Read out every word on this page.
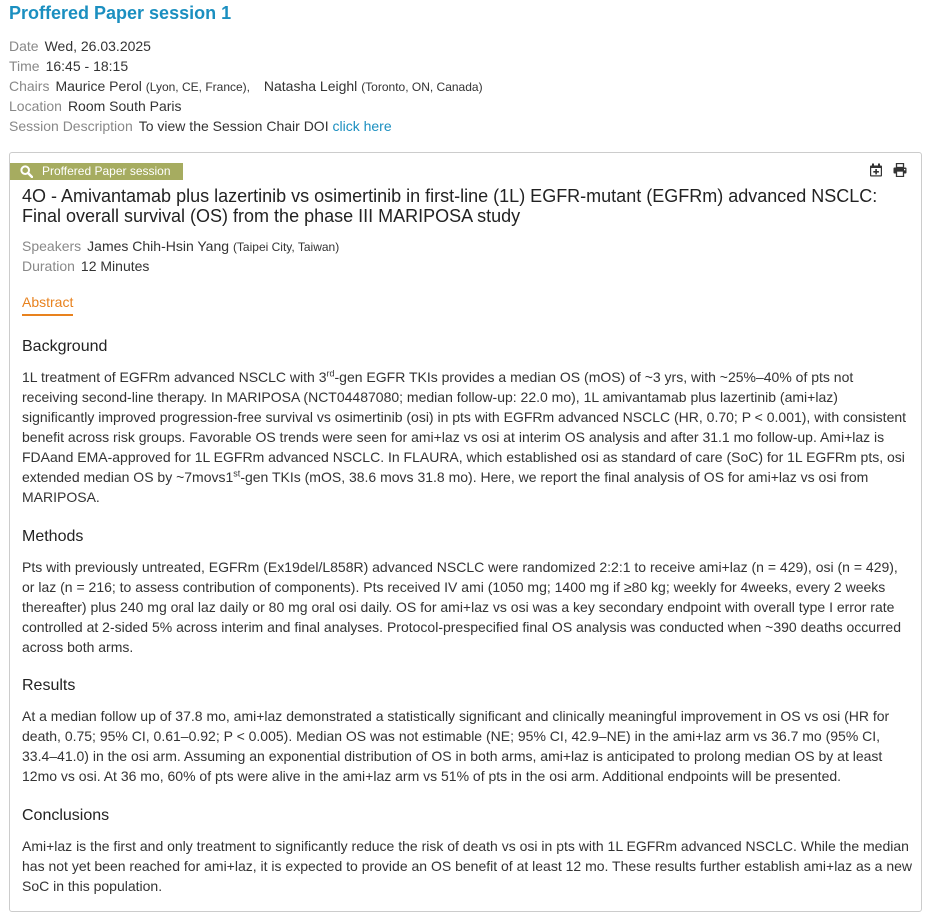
Proffered Paper session 1
Date Wed, 26.03.2025
Time 16:45 - 18:15
Chairs Maurice Perol (Lyon, CE, France), Natasha Leighl (Toronto, ON, Canada)
Location Room South Paris
Session Description To view the Session Chair DOI click here
Proffered Paper session
4O - Amivantamab plus lazertinib vs osimertinib in first-line (1L) EGFR-mutant (EGFRm) advanced NSCLC: Final overall survival (OS) from the phase III MARIPOSA study
Speakers James Chih-Hsin Yang (Taipei City, Taiwan)
Duration 12 Minutes
Abstract
Background

1L treatment of EGFRm advanced NSCLC with 3rd-gen EGFR TKIs provides a median OS (mOS) of ~3 yrs, with ~25%–40% of pts not receiving second-line therapy. In MARIPOSA (NCT04487080; median follow-up: 22.0 mo), 1L amivantamab plus lazertinib (ami+laz) significantly improved progression-free survival vs osimertinib (osi) in pts with EGFRm advanced NSCLC (HR, 0.70; P < 0.001), with consistent benefit across risk groups. Favorable OS trends were seen for ami+laz vs osi at interim OS analysis and after 31.1 mo follow-up. Ami+laz is FDAand EMA-approved for 1L EGFRm advanced NSCLC. In FLAURA, which established osi as standard of care (SoC) for 1L EGFRm pts, osi extended median OS by ~7movs1st-gen TKIs (mOS, 38.6 movs 31.8 mo). Here, we report the final analysis of OS for ami+laz vs osi from MARIPOSA.

Methods

Pts with previously untreated, EGFRm (Ex19del/L858R) advanced NSCLC were randomized 2:2:1 to receive ami+laz (n = 429), osi (n = 429), or laz (n = 216; to assess contribution of components). Pts received IV ami (1050 mg; 1400 mg if ≥80 kg; weekly for 4weeks, every 2 weeks thereafter) plus 240 mg oral laz daily or 80 mg oral osi daily. OS for ami+laz vs osi was a key secondary endpoint with overall type I error rate controlled at 2-sided 5% across interim and final analyses. Protocol-prespecified final OS analysis was conducted when ~390 deaths occurred across both arms.

Results

At a median follow up of 37.8 mo, ami+laz demonstrated a statistically significant and clinically meaningful improvement in OS vs osi (HR for death, 0.75; 95% CI, 0.61–0.92; P < 0.005). Median OS was not estimable (NE; 95% CI, 42.9–NE) in the ami+laz arm vs 36.7 mo (95% CI, 33.4–41.0) in the osi arm. Assuming an exponential distribution of OS in both arms, ami+laz is anticipated to prolong median OS by at least 12mo vs osi. At 36 mo, 60% of pts were alive in the ami+laz arm vs 51% of pts in the osi arm. Additional endpoints will be presented.

Conclusions

Ami+laz is the first and only treatment to significantly reduce the risk of death vs osi in pts with 1L EGFRm advanced NSCLC. While the median has not yet been reached for ami+laz, it is expected to provide an OS benefit of at least 12 mo. These results further establish ami+laz as a new SoC in this population.
